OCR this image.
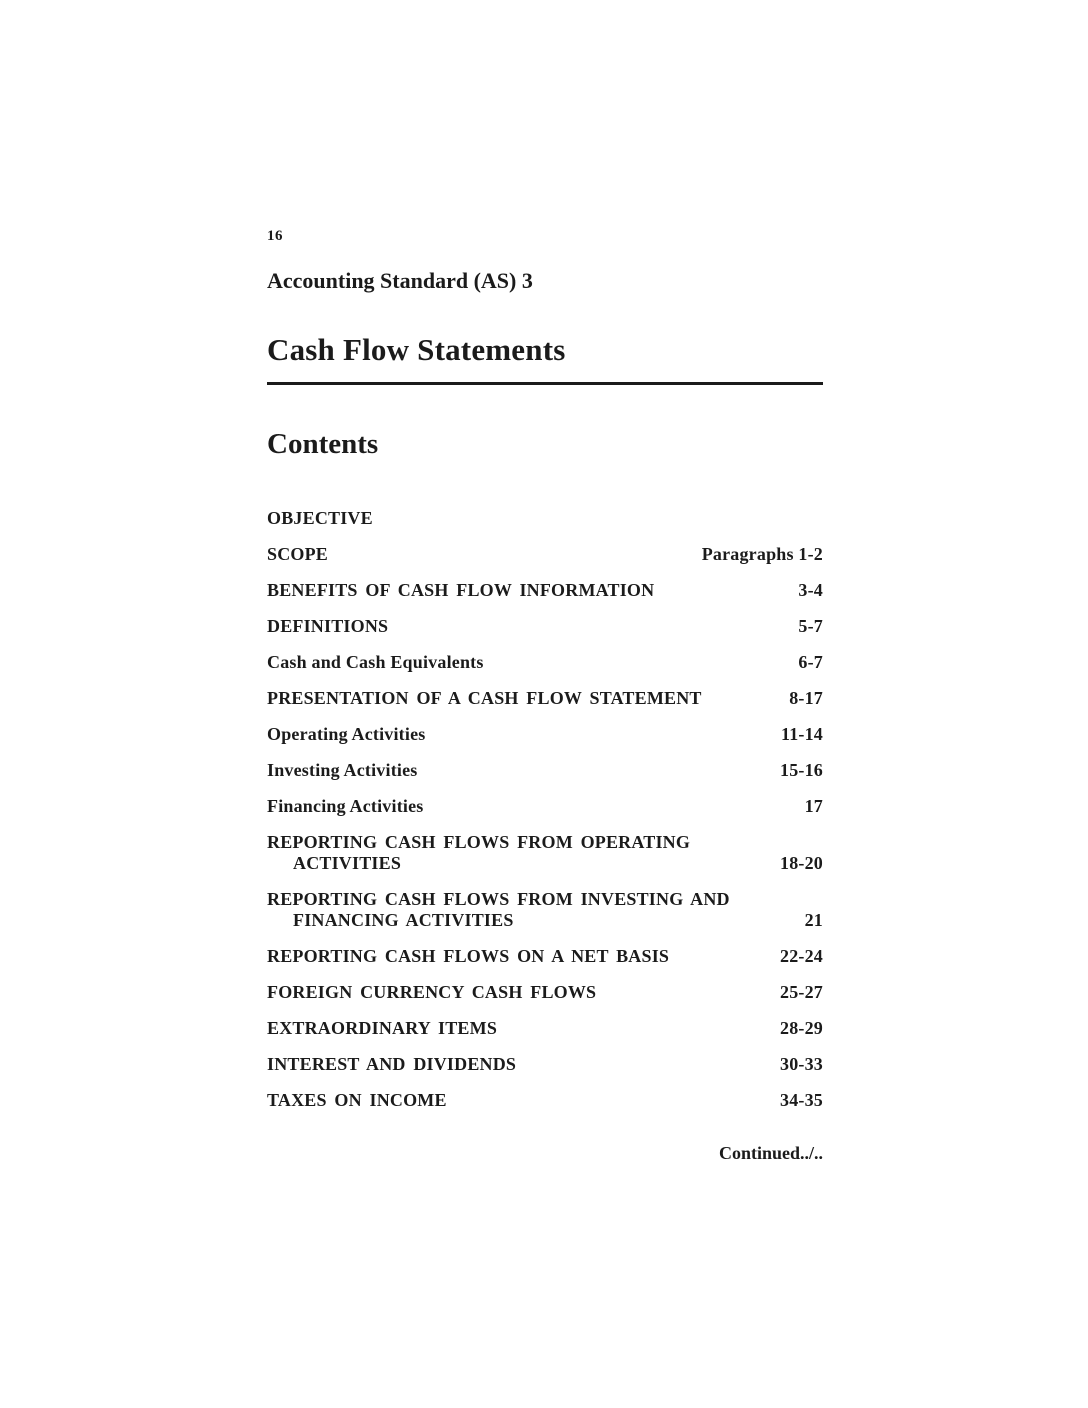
16
Accounting Standard (AS) 3
Cash Flow Statements
Contents
OBJECTIVE
SCOPE	Paragraphs 1-2
BENEFITS OF CASH FLOW INFORMATION	3-4
DEFINITIONS	5-7
Cash and Cash Equivalents	6-7
PRESENTATION OF A CASH FLOW STATEMENT	8-17
Operating Activities	11-14
Investing Activities	15-16
Financing Activities	17
REPORTING CASH FLOWS FROM OPERATING
ACTIVITIES	18-20
REPORTING CASH FLOWS FROM INVESTING AND
FINANCING ACTIVITIES	21
REPORTING CASH FLOWS ON A NET BASIS	22-24
FOREIGN CURRENCY CASH FLOWS	25-27
EXTRAORDINARY ITEMS	28-29
INTEREST AND DIVIDENDS	30-33
TAXES ON INCOME	34-35
Continued../..
